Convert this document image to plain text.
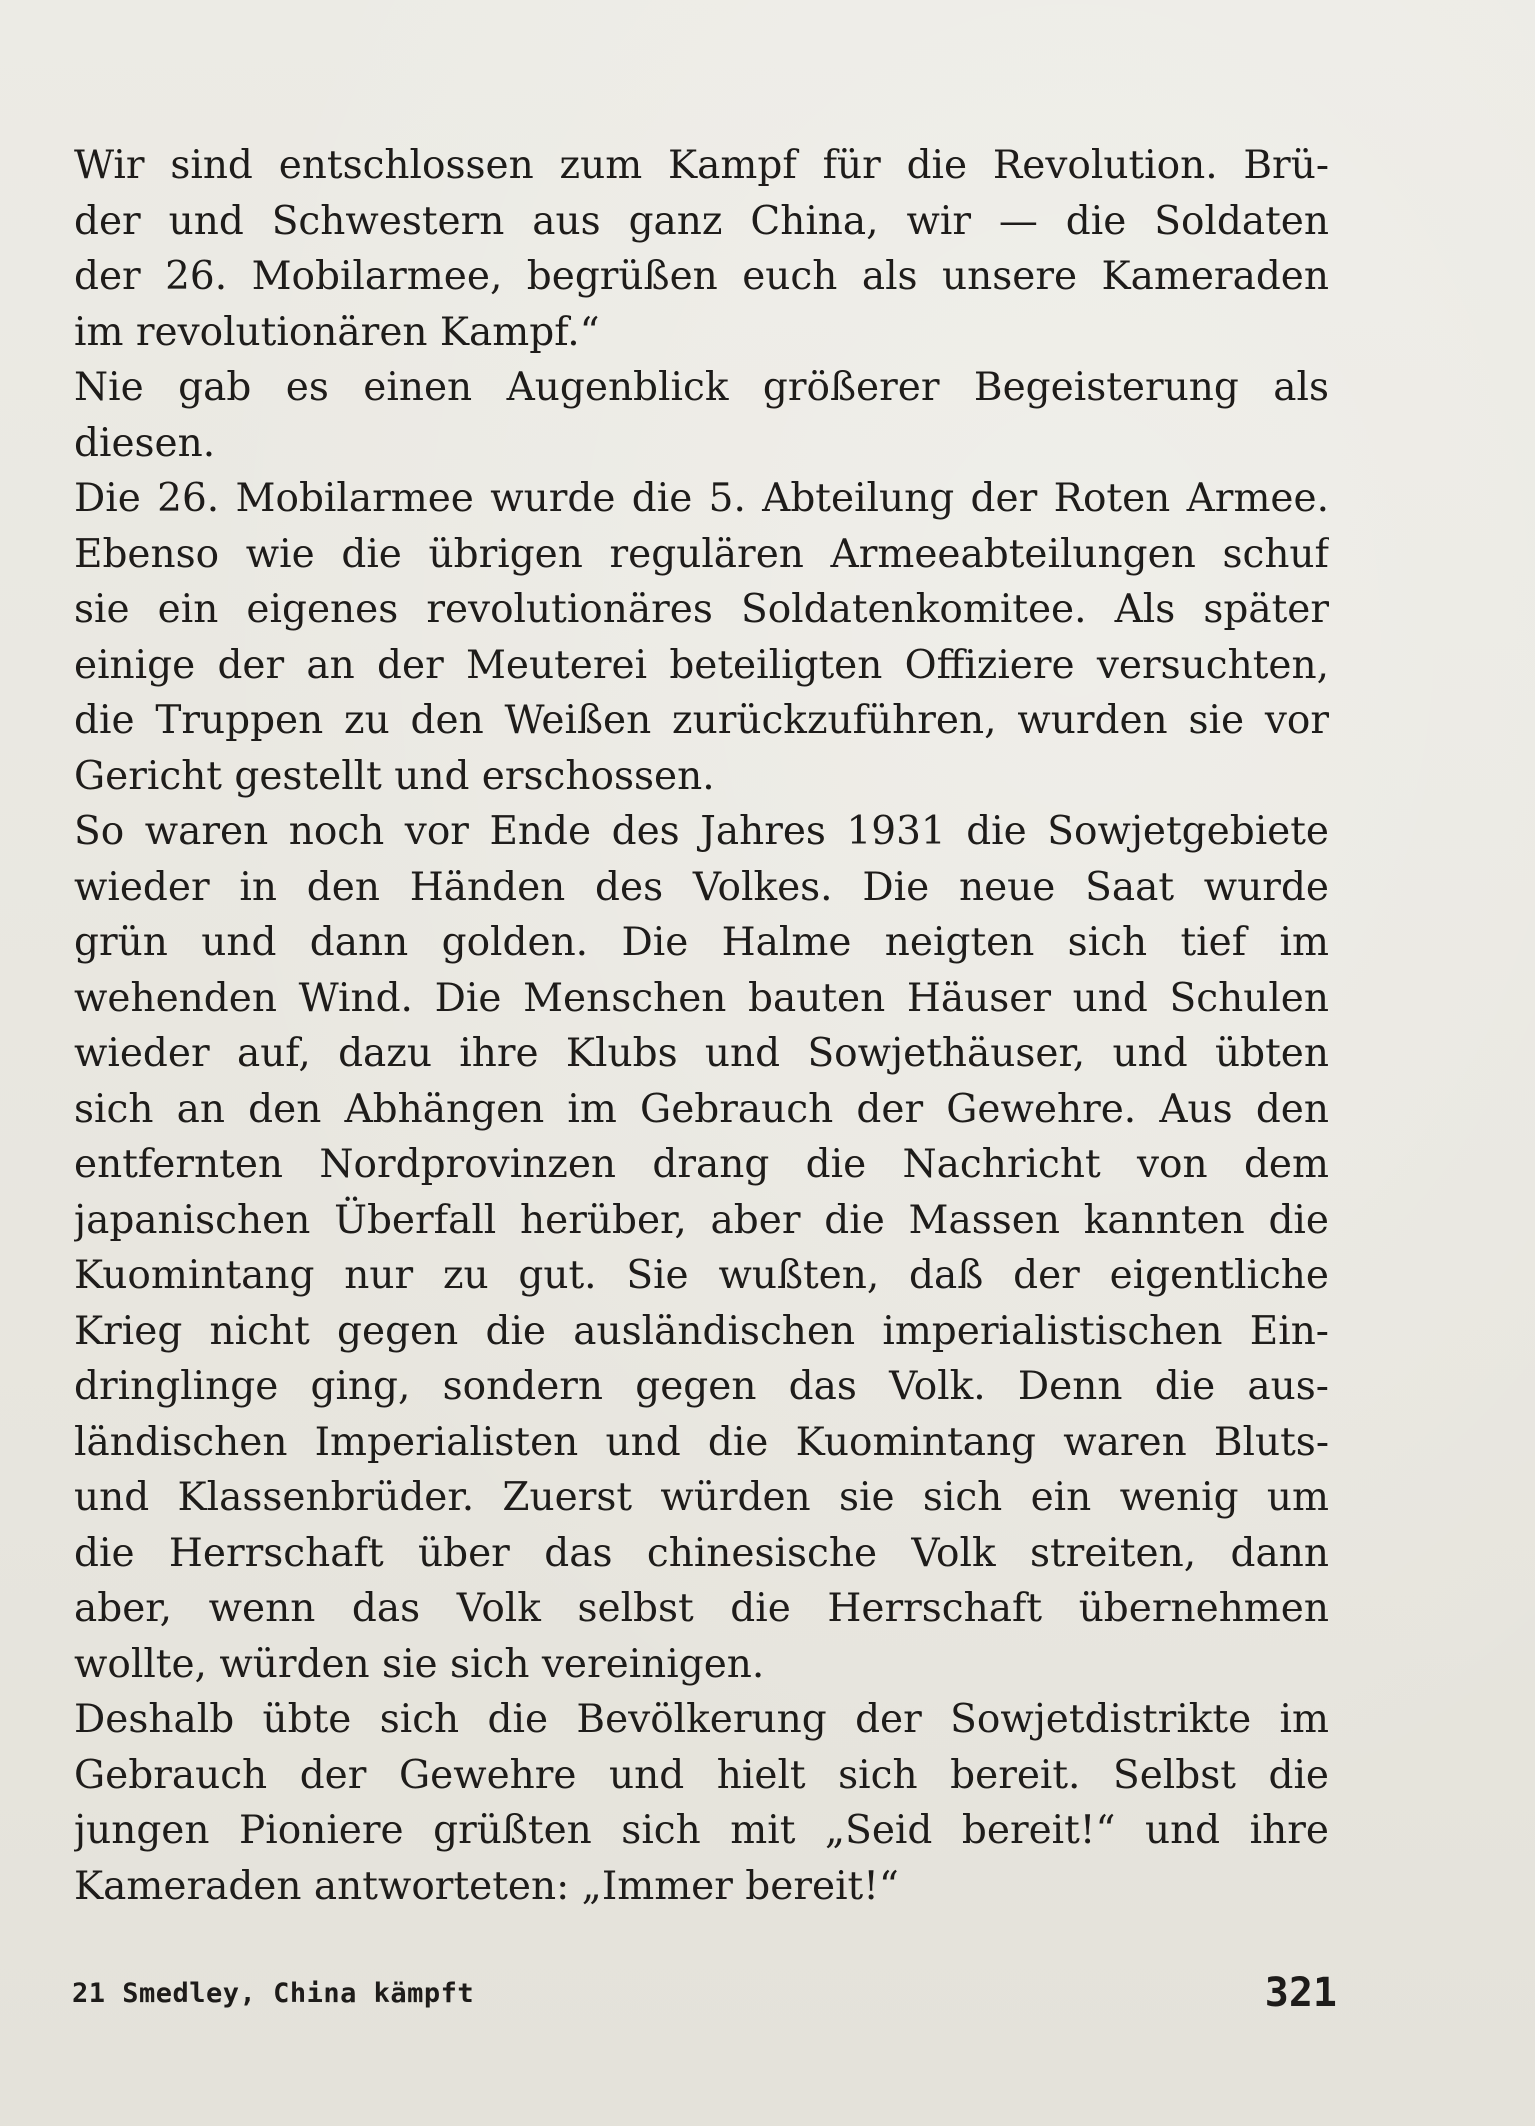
Wir sind entschlossen zum Kampf für die Revolution. Brü-
der und Schwestern aus ganz China, wir — die Soldaten
der 26. Mobilarmee, begrüßen euch als unsere Kameraden
im revolutionären Kampf.“
Nie gab es einen Augenblick größerer Begeisterung als
diesen.
Die 26. Mobilarmee wurde die 5. Abteilung der Roten Armee.
Ebenso wie die übrigen regulären Armeeabteilungen schuf
sie ein eigenes revolutionäres Soldatenkomitee. Als später
einige der an der Meuterei beteiligten Offiziere versuchten,
die Truppen zu den Weißen zurückzuführen, wurden sie vor
Gericht gestellt und erschossen.
So waren noch vor Ende des Jahres 1931 die Sowjetgebiete
wieder in den Händen des Volkes. Die neue Saat wurde
grün und dann golden. Die Halme neigten sich tief im
wehenden Wind. Die Menschen bauten Häuser und Schulen
wieder auf, dazu ihre Klubs und Sowjethäuser, und übten
sich an den Abhängen im Gebrauch der Gewehre. Aus den
entfernten Nordprovinzen drang die Nachricht von dem
japanischen Überfall herüber, aber die Massen kannten die
Kuomintang nur zu gut. Sie wußten, daß der eigentliche
Krieg nicht gegen die ausländischen imperialistischen Ein-
dringlinge ging, sondern gegen das Volk. Denn die aus-
ländischen Imperialisten und die Kuomintang waren Bluts-
und Klassenbrüder. Zuerst würden sie sich ein wenig um
die Herrschaft über das chinesische Volk streiten, dann
aber, wenn das Volk selbst die Herrschaft übernehmen
wollte, würden sie sich vereinigen.
Deshalb übte sich die Bevölkerung der Sowjetdistrikte im
Gebrauch der Gewehre und hielt sich bereit. Selbst die
jungen Pioniere grüßten sich mit „Seid bereit!“ und ihre
Kameraden antworteten: „Immer bereit!“
21 Smedley, China kämpft	321
